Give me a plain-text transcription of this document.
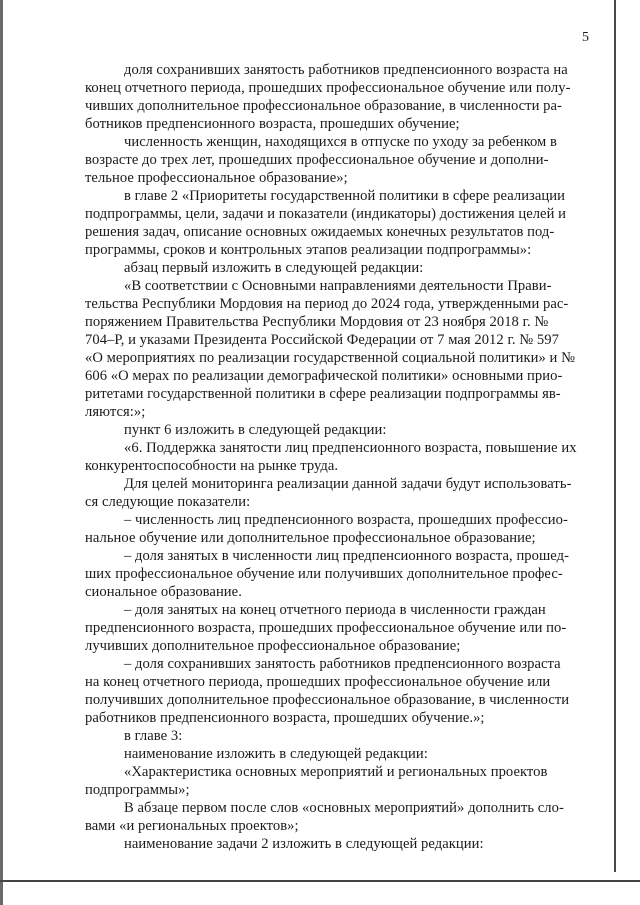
5
доля сохранивших занятость работников предпенсионного возраста на
конец отчетного периода, прошедших профессиональное обучение или полу-
чивших дополнительное профессиональное образование, в численности ра-
ботников предпенсионного возраста, прошедших обучение;
численность женщин, находящихся в отпуске по уходу за ребенком в
возрасте до трех лет, прошедших профессиональное обучение и дополни-
тельное профессиональное образование»;
в главе 2 «Приоритеты государственной политики в сфере реализации
подпрограммы, цели, задачи и показатели (индикаторы) достижения целей и
решения задач, описание основных ожидаемых конечных результатов под-
программы, сроков и контрольных этапов реализации подпрограммы»:
абзац первый изложить в следующей редакции:
«В соответствии с Основными направлениями деятельности Прави-
тельства Республики Мордовия на период до 2024 года, утвержденными рас-
поряжением Правительства Республики Мордовия от 23 ноября 2018 г. №
704–Р, и указами Президента Российской Федерации от 7 мая 2012 г. № 597
«О мероприятиях по реализации государственной социальной политики» и №
606 «О мерах по реализации демографической политики» основными прио-
ритетами государственной политики в сфере реализации подпрограммы яв-
ляются:»;
пункт 6 изложить в следующей редакции:
«6. Поддержка занятости лиц предпенсионного возраста, повышение их
конкурентоспособности на рынке труда.
Для целей мониторинга реализации данной задачи будут использовать-
ся следующие показатели:
– численность лиц предпенсионного возраста, прошедших профессио-
нальное обучение или дополнительное профессиональное образование;
– доля занятых в численности лиц предпенсионного возраста, прошед-
ших профессиональное обучение или получивших дополнительное профес-
сиональное образование.
– доля занятых на конец отчетного периода в численности граждан
предпенсионного возраста, прошедших профессиональное обучение или по-
лучивших дополнительное профессиональное образование;
– доля сохранивших занятость работников предпенсионного возраста
на конец отчетного периода, прошедших профессиональное обучение или
получивших дополнительное профессиональное образование, в численности
работников предпенсионного возраста, прошедших обучение.»;
в главе 3:
наименование изложить в следующей редакции:
«Характеристика основных мероприятий и региональных проектов
подпрограммы»;
В абзаце первом после слов «основных мероприятий» дополнить сло-
вами «и региональных проектов»;
наименование задачи 2 изложить в следующей редакции:
